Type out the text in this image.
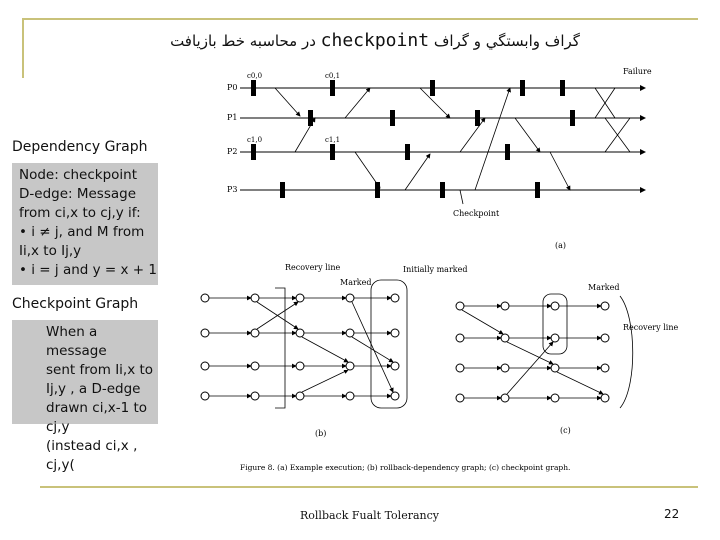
گراف وابستگي و گراف checkpoint در محاسبه خط بازيافت
P0
P1
P2
P3
c0,0	c0,1
c1,0	c1,1
Failure
Checkpoint
(a)
Recovery line
Marked
Initially marked
(b)
Marked
Recovery line
(c)
Figure 8. (a) Example execution; (b) rollback-dependency graph; (c) checkpoint graph.
Dependency Graph
Node: checkpoint
D-edge: Message
from ci,x to cj,y if:
• i ≠ j, and M from
Ii,x to Ij,y
• i = j and y = x + 1
Checkpoint Graph
When a message
sent from Ii,x to
Ij,y , a D-edge
drawn ci,x-1 to cj,y
(instead ci,x , cj,y(
Rollback Fualt Tolerancy	22
